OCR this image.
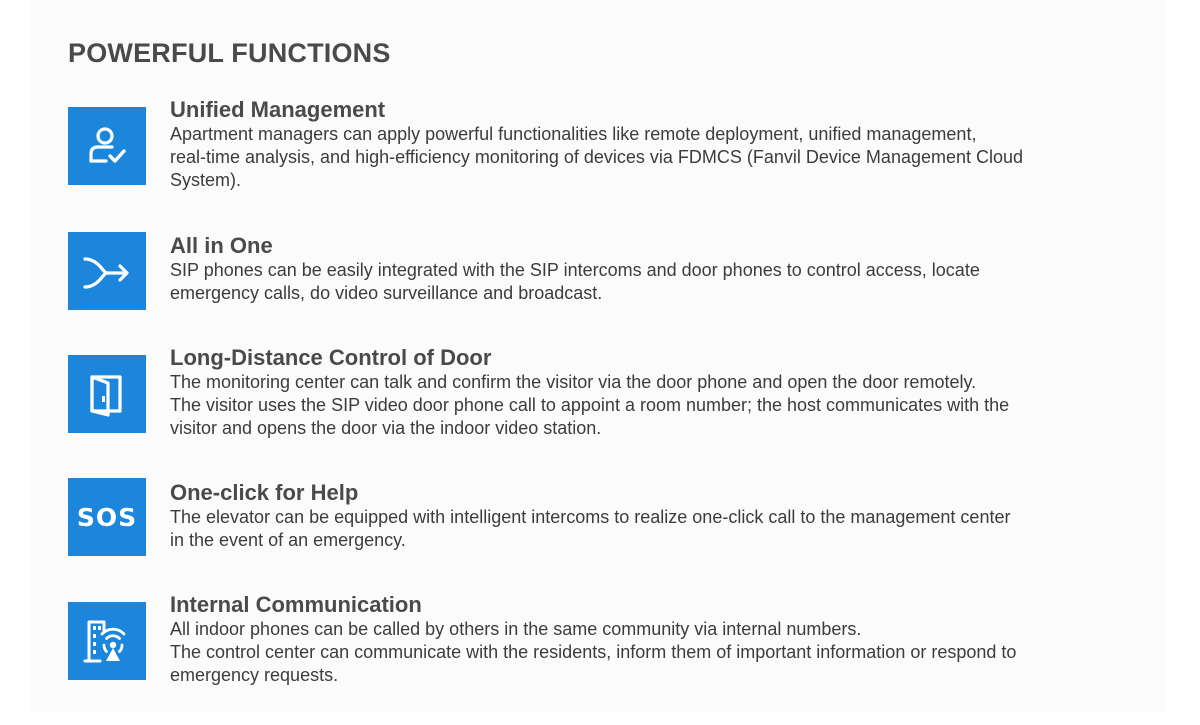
POWERFUL FUNCTIONS
Unified Management

Apartment managers can apply powerful functionalities like remote deployment, unified management,

real-time analysis, and high-efficiency monitoring of devices via FDMCS (Fanvil Device Management Cloud

System).

All in One

SIP phones can be easily integrated with the SIP intercoms and door phones to control access, locate

emergency calls, do video surveillance and broadcast.

Long-Distance Control of Door

The monitoring center can talk and confirm the visitor via the door phone and open the door remotely.

The visitor uses the SIP video door phone call to appoint a room number; the host communicates with the

visitor and opens the door via the indoor video station.

SOS
One-click for Help

The elevator can be equipped with intelligent intercoms to realize one-click call to the management center

in the event of an emergency.

Internal Communication

All indoor phones can be called by others in the same community via internal numbers.

The control center can communicate with the residents, inform them of important information or respond to

emergency requests.
